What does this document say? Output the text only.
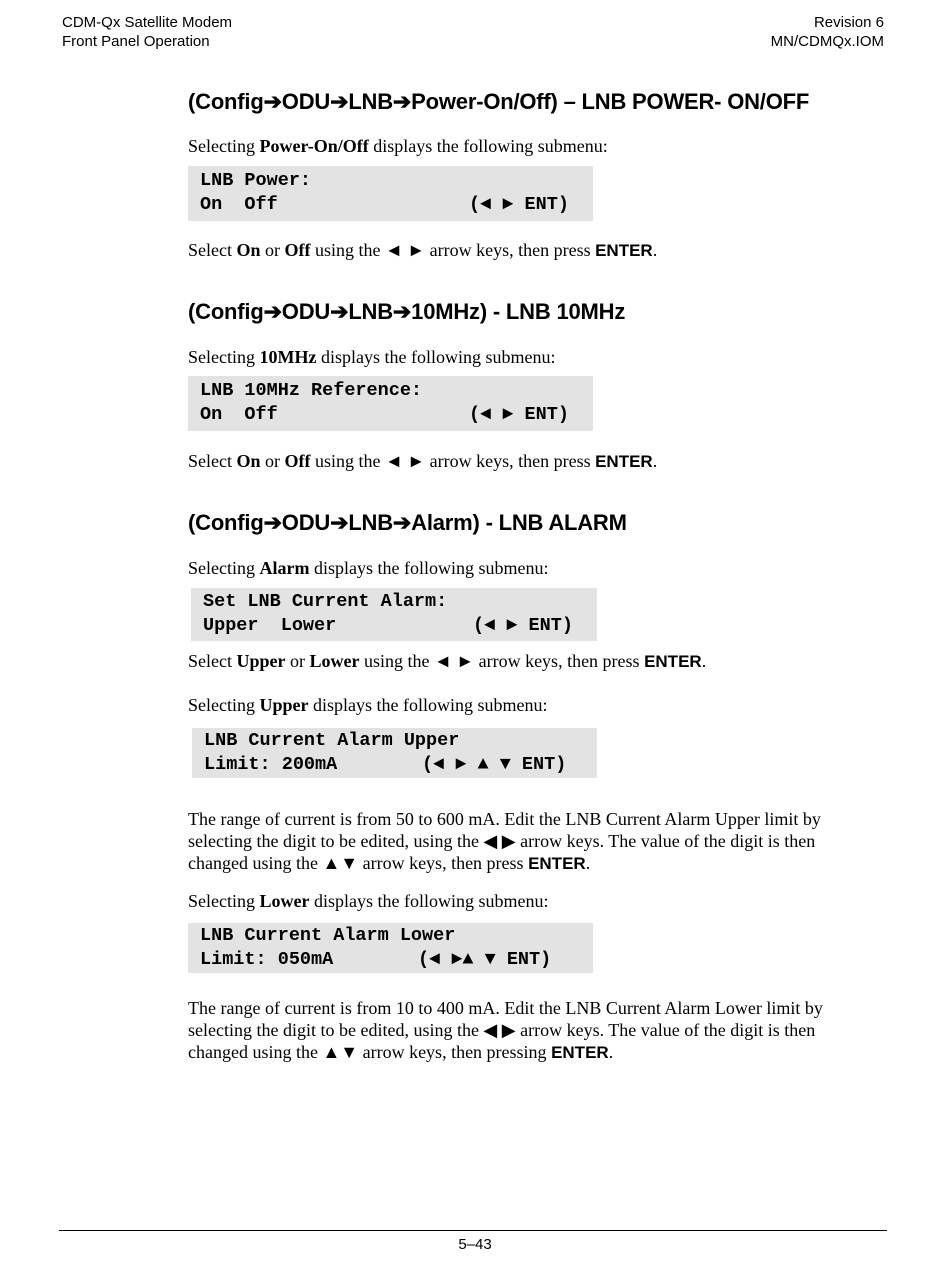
CDM-Qx Satellite Modem
Front Panel Operation
Revision 6
MN/CDMQx.IOM
(Config➔ODU➔LNB➔Power-On/Off) – LNB POWER- ON/OFF
Selecting Power-On/Off displays the following submenu:
LNB Power:
On  Off	(◄ ► ENT)
Select On or Off using the ◄ ► arrow keys, then press ENTER.
(Config➔ODU➔LNB➔10MHz) - LNB 10MHz
Selecting 10MHz displays the following submenu:
LNB 10MHz Reference:
On  Off	(◄ ► ENT)
Select On or Off using the ◄ ► arrow keys, then press ENTER.
(Config➔ODU➔LNB➔Alarm) - LNB ALARM
Selecting Alarm displays the following submenu:
Set LNB Current Alarm:
Upper  Lower	(◄ ► ENT)
Select Upper or Lower using the ◄ ► arrow keys, then press ENTER.
Selecting Upper displays the following submenu:
LNB Current Alarm Upper
Limit: 200mA	(◄ ► ▲ ▼ ENT)
The range of current is from 50 to 600 mA. Edit the LNB Current Alarm Upper limit by selecting the digit to be edited, using the ◀ ▶ arrow keys. The value of the digit is then changed using the ▲▼ arrow keys, then press ENTER.
Selecting Lower displays the following submenu:
LNB Current Alarm Lower
Limit: 050mA	(◄ ►▲ ▼ ENT)
The range of current is from 10 to 400 mA. Edit the LNB Current Alarm Lower limit by selecting the digit to be edited, using the ◀ ▶ arrow keys. The value of the digit is then changed using the ▲▼ arrow keys, then pressing ENTER.
5–43
